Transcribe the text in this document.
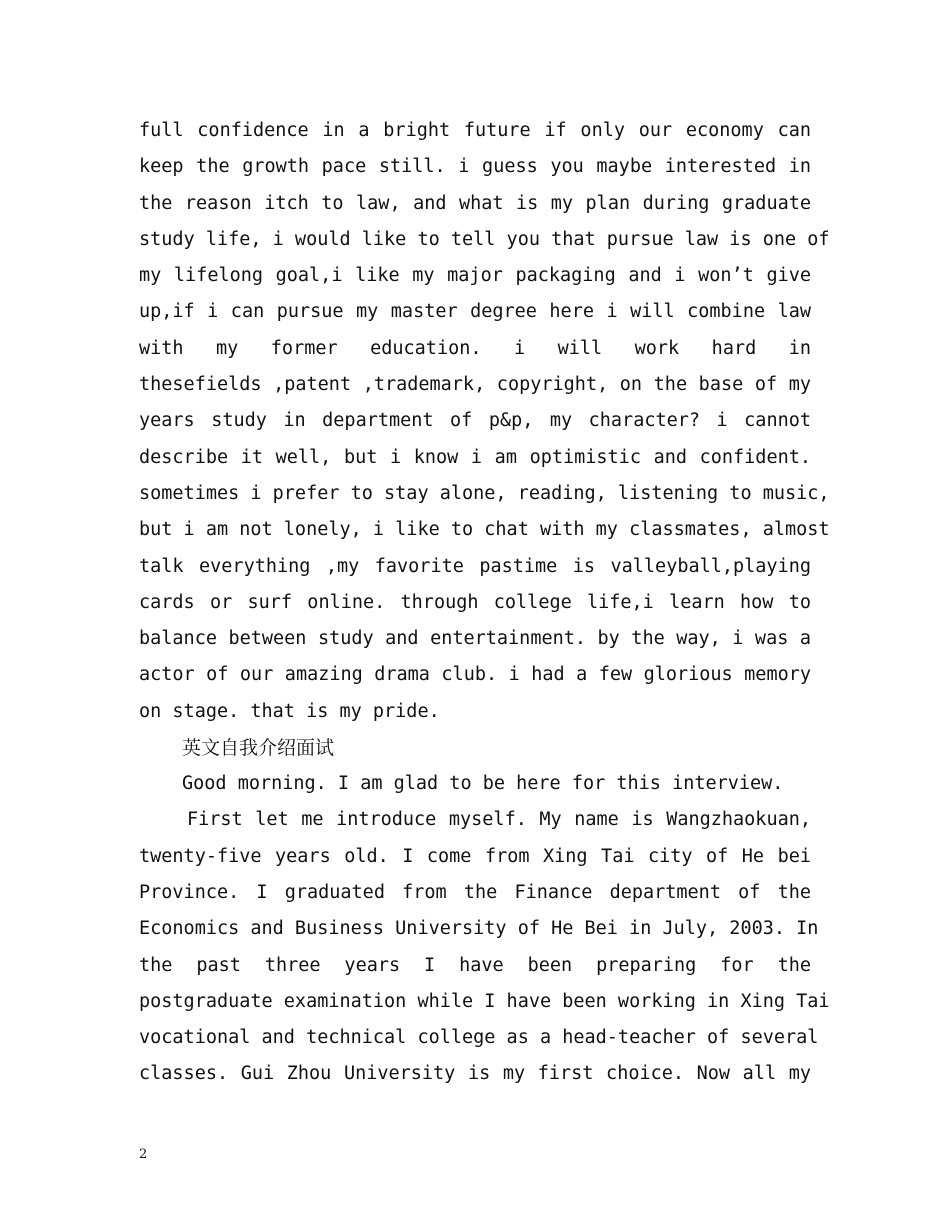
full confidence in a bright future if only our economy can
keep the growth pace still. i guess you maybe interested in
the reason itch to law, and what is my plan during graduate
study life, i would like to tell you that pursue law is one of
my lifelong goal,i like my major packaging and i won’t give
up,if i can pursue my master degree here i will combine law
with my former education. i will work hard in
thesefields ,patent ,trademark, copyright, on the base of my
years study in department of p&p, my character? i cannot
describe it well, but i know i am optimistic and confident.
sometimes i prefer to stay alone, reading, listening to music,
but i am not lonely, i like to chat with my classmates, almost
talk everything ,my favorite pastime is valleyball,playing
cards or surf online. through college life,i learn how to
balance between study and entertainment. by the way, i was a
actor of our amazing drama club. i had a few glorious memory
on stage. that is my pride.
英文自我介绍面试
Good morning. I am glad to be here for this interview.
First let me introduce myself. My name is Wangzhaokuan,
twenty-five years old. I come from Xing Tai city of He bei
Province. I graduated from the Finance department of the
Economics and Business University of He Bei in July, 2003. In
the past three years I have been preparing for the
postgraduate examination while I have been working in Xing Tai
vocational and technical college as a head-teacher of several
classes. Gui Zhou University is my first choice. Now all my
2
